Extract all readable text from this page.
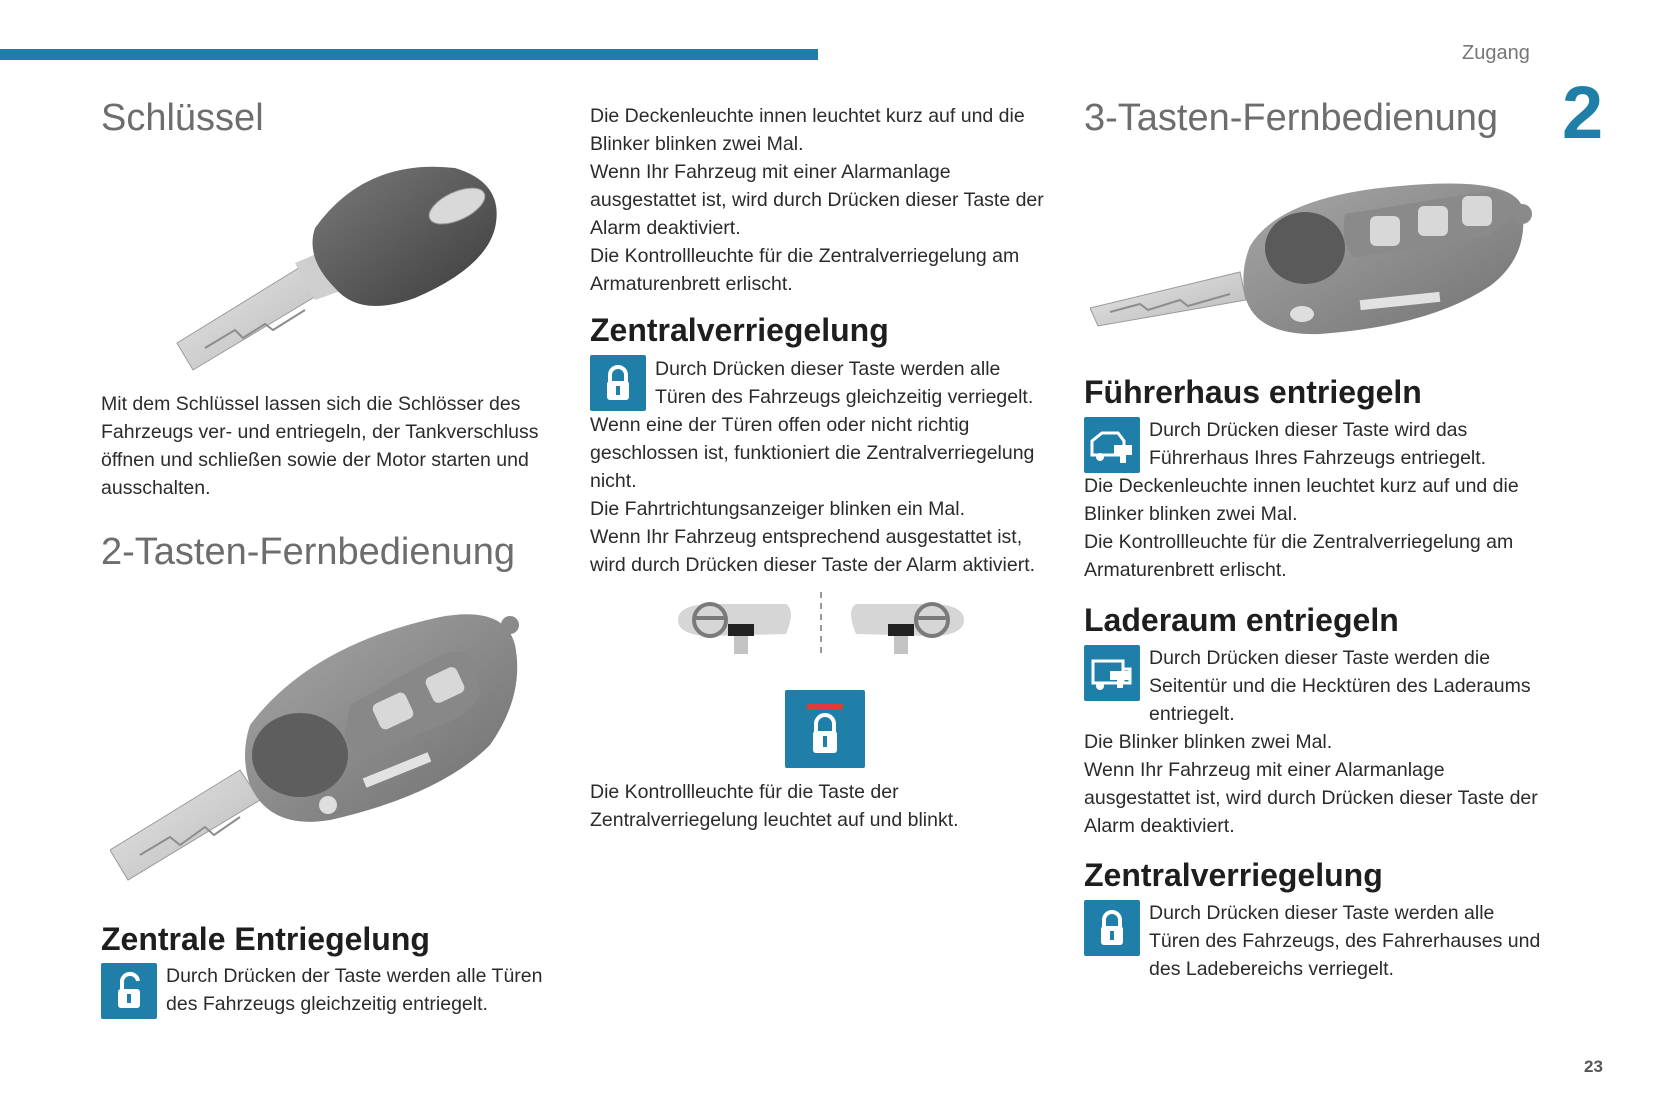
Zugang
2
23
Schlüssel
Mit dem Schlüssel lassen sich die Schlösser des Fahrzeugs ver- und entriegeln, der Tankverschluss öffnen und schließen sowie der Motor starten und ausschalten.
2-Tasten-Fernbedienung
Zentrale Entriegelung

Durch Drücken der Taste werden alle Türen des Fahrzeugs gleichzeitig entriegelt.

Die Deckenleuchte innen leuchtet kurz auf und die Blinker blinken zwei Mal.

Wenn Ihr Fahrzeug mit einer Alarmanlage ausgestattet ist, wird durch Drücken dieser Taste der Alarm deaktiviert.

Die Kontrollleuchte für die Zentralverriegelung am Armaturenbrett erlischt.

Zentralverriegelung

Durch Drücken dieser Taste werden alle Türen des Fahrzeugs gleichzeitig verriegelt.

Wenn eine der Türen offen oder nicht richtig geschlossen ist, funktioniert die Zentralverriegelung nicht.

Die Fahrtrichtungsanzeiger blinken ein Mal.

Wenn Ihr Fahrzeug entsprechend ausgestattet ist, wird durch Drücken dieser Taste der Alarm aktiviert.

Die Kontrollleuchte für die Taste der Zentralverriegelung leuchtet auf und blinkt.
3-Tasten-Fernbedienung
Führerhaus entriegeln

Durch Drücken dieser Taste wird das Führerhaus Ihres Fahrzeugs entriegelt.

Die Deckenleuchte innen leuchtet kurz auf und die Blinker blinken zwei Mal.

Die Kontrollleuchte für die Zentralverriegelung am Armaturenbrett erlischt.

Laderaum entriegeln

Durch Drücken dieser Taste werden die Seitentür und die Hecktüren des Laderaums entriegelt.

Die Blinker blinken zwei Mal.

Wenn Ihr Fahrzeug mit einer Alarmanlage ausgestattet ist, wird durch Drücken dieser Taste der Alarm deaktiviert.

Zentralverriegelung

Durch Drücken dieser Taste werden alle Türen des Fahrzeugs, des Fahrerhauses und des Ladebereichs verriegelt.
